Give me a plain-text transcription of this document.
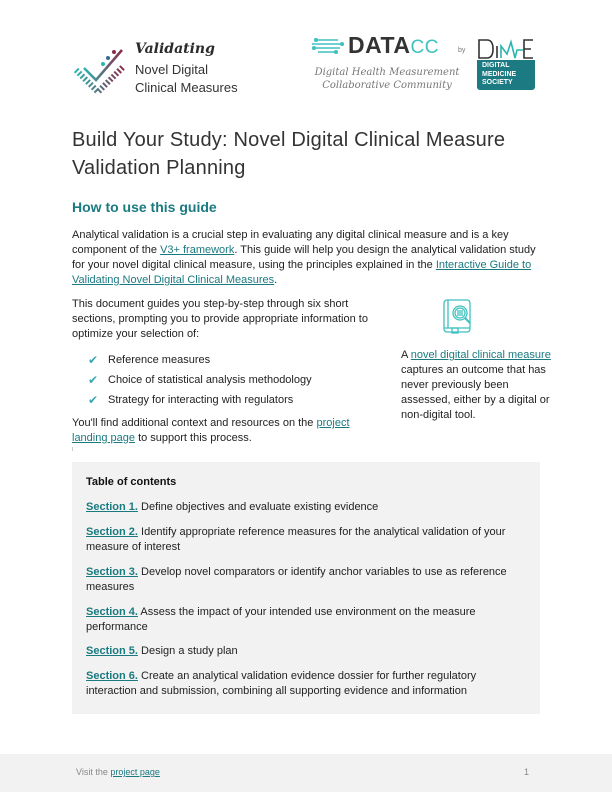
Validating
Novel Digital
Clinical Measures
DATACC
Digital Health Measurement
Collaborative Community
by
DIGITAL
MEDICINE
SOCIETY
Build Your Study: Novel Digital Clinical Measure Validation Planning
How to use this guide

Analytical validation is a crucial step in evaluating any digital clinical measure and is a key component of the V3+ framework. This guide will help you design the analytical validation study for your novel digital clinical measure, using the principles explained in the Interactive Guide to Validating Novel Digital Clinical Measures.

This document guides you step-by-step through six short sections, prompting you to provide appropriate information to optimize your selection of:

✔ Reference measures
✔ Choice of statistical analysis methodology
✔ Strategy for interacting with regulators

You'll find additional context and resources on the project landing page to support this process.

A novel digital clinical measure captures an outcome that has never previously been assessed, either by a digital or non-digital tool.

Table of contents
Section 1. Define objectives and evaluate existing evidence
Section 2. Identify appropriate reference measures for the analytical validation of your measure of interest
Section 3. Develop novel comparators or identify anchor variables to use as reference measures
Section 4. Assess the impact of your intended use environment on the measure performance
Section 5. Design a study plan
Section 6. Create an analytical validation evidence dossier for further regulatory interaction and submission, combining all supporting evidence and information
Visit the project page	1
